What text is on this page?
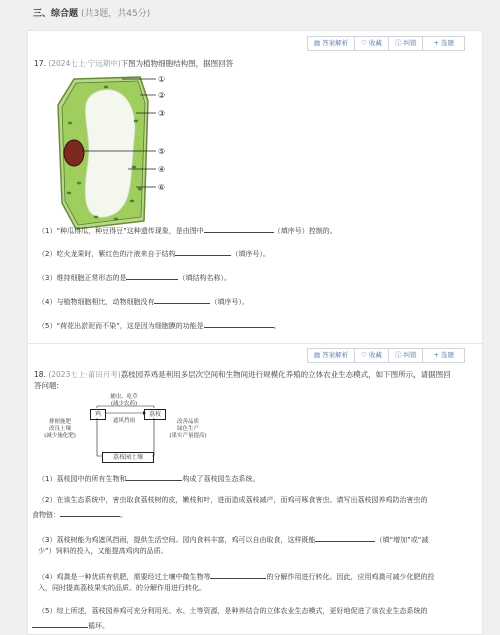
三、综合题 (共3题，共45分)
▤ 答案解析	♡ 收藏	ⓘ 纠错	+ 选题
17. (2024七上·宁远期中)下图为植物细胞结构图，据图回答
①
②
③
⑤
④
⑥
（1）“种瓜得瓜，种豆得豆”这种遗传现象，是由图中	（填序号）控制的。
（2）吃火龙果时，紫红色的汁液来自于结构	（填序号）。
（3）维持细胞正常形态的是	（填结构名称）。
（4）与植物细胞相比，动物细胞没有	（填序号）。
（5）“荷花出淤泥而不染”，这是因为细胞膜的功能是	。
▤ 答案解析	♡ 收藏	ⓘ 纠错	+ 选题
18. (2023七上·莆田月考)荔枝园养鸡是利用多层次空间和生物间进行规模化养殖的立体农业生态模式，如下图所示，请据图回
答问题:
捕虫、吃草
(减少农药)
鸡	荔枝
遮风挡雨
排便施肥
改良土壤
(减少施化肥)
改善品质
绿色生产
(果实产量提高)
荔枝园土壤
（1）荔枝园中的所有生物和	构成了荔枝园生态系统。
（2）在该生态系统中，害虫取食荔枝树的皮，嫩枝和叶，进而造成荔枝减产，而鸡可啄食害虫。请写出荔枝园养鸡防治害虫的
食物链：	。
（3）荔枝树能为鸡遮风挡雨，提供生活空间。园内食料丰富，鸡可以自由取食，这样既能	（填“增加”或“减
少”）饲料的投入，又能提高鸡肉的品质。
（4）鸡粪是一种优质有机肥，需要经过土壤中微生物等	的分解作用进行转化。因此，应用鸡粪可减少化肥的投
入，同时提高荔枝果实的品质。的分解作用进行转化。
（5）综上所述，荔枝园养鸡可充分利用光、水、土等资源，是种养结合的立体农业生态模式，更好地促进了该农业生态系统的
循环。
